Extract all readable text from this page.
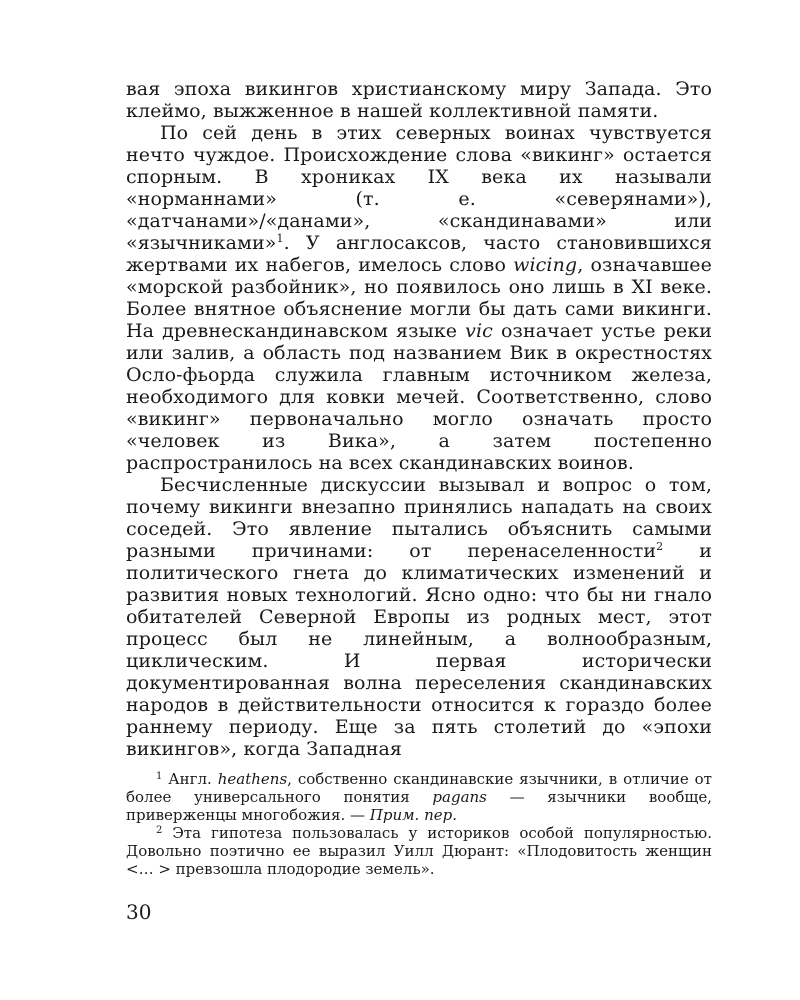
вая эпоха викингов христианскому миру Запада. Это клеймо, выжженное в нашей коллективной памяти.

По сей день в этих северных воинах чувствуется нечто чуждое. Происхождение слова «викинг» остается спорным. В хрониках IX века их называли «норманнами» (т. е. «северянами»), «датчанами»/«данами», «скандинавами» или «язычниками»$^1$. У англосаксов, часто становившихся жертвами их набегов, имелось слово wicing, означавшее «морской разбойник», но появилось оно лишь в XI веке. Более внятное объяснение могли бы дать сами викинги. На древнескандинавском языке vic означает устье реки или залив, а область под названием Вик в окрестностях Осло-фьорда служила главным источником железа, необходимого для ковки мечей. Соответственно, слово «викинг» первоначально могло означать просто «человек из Вика», а затем постепенно распространилось на всех скандинавских воинов.

Бесчисленные дискуссии вызывал и вопрос о том, почему викинги внезапно принялись нападать на своих соседей. Это явление пытались объяснить самыми разными причинами: от перенаселенности$^2$ и политического гнета до климатических изменений и развития новых технологий. Ясно одно: что бы ни гнало обитателей Северной Европы из родных мест, этот процесс был не линейным, а волнообразным, циклическим. И первая исторически документированная волна переселения скандинавских народов в действительности относится к гораздо более раннему периоду. Еще за пять столетий до «эпохи викингов», когда Западная

$^1$ Англ. heathens, собственно скандинавские язычники, в отличие от более универсального понятия pagans — язычники вообще, приверженцы многобожия. — Прим. пер.

$^2$ Эта гипотеза пользовалась у историков особой популярностью. Довольно поэтично ее выразил Уилл Дюрант: «Плодовитость женщин <… > превзошла плодородие земель».

30
